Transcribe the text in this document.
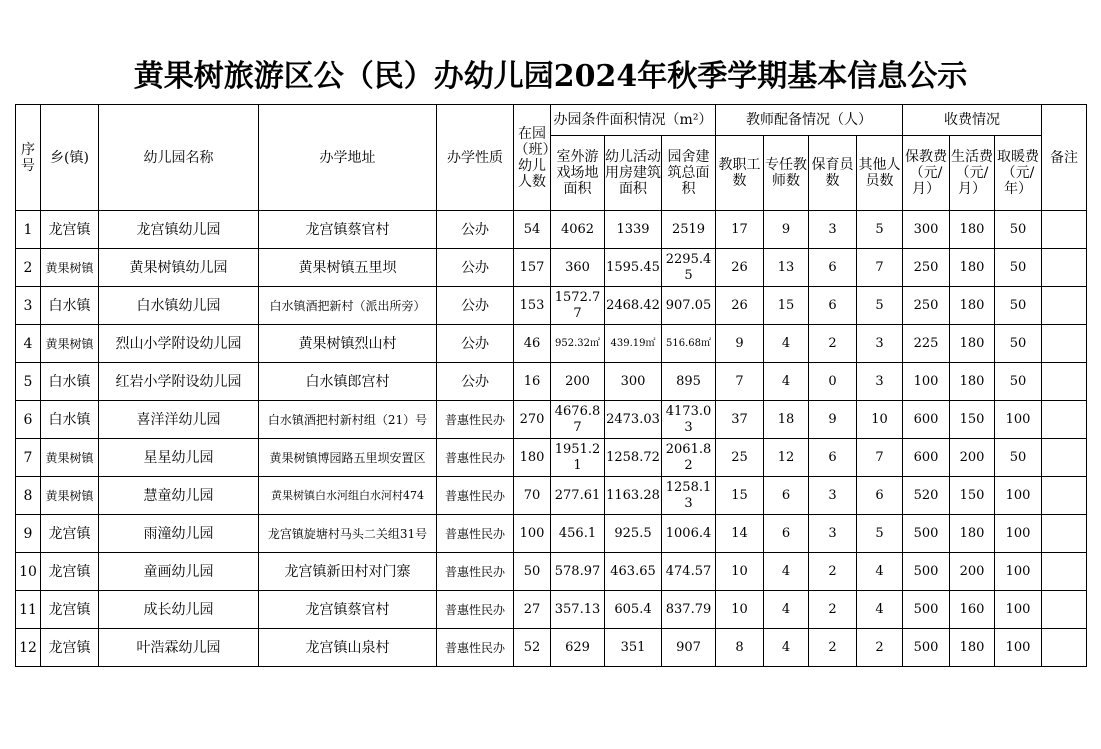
黄果树旅游区公（民）办幼儿园2024年秋季学期基本信息公示
序号	乡(镇)	幼儿园名称	办学地址	办学性质	在园（班）幼儿人数	办园条件面积情况（m²）			教师配备情况（人）				收费情况			备注
						室外游戏场地面积	幼儿活动用房建筑面积	园舍建筑总面积	教职工数	专任教师数	保育员数	其他人员数	保教费（元/月）	生活费（元/月）	取暖费（元/年）	
1	龙宫镇	龙宫镇幼儿园	龙宫镇蔡官村	公办	54	4062	1339	2519	17	9	3	5	300	180	50	
2	黄果树镇	黄果树镇幼儿园	黄果树镇五里坝	公办	157	360	1595.45	2295.45	26	13	6	7	250	180	50	
3	白水镇	白水镇幼儿园	白水镇酒把新村（派出所旁）	公办	153	1572.77	2468.42	907.05	26	15	6	5	250	180	50	
4	黄果树镇	烈山小学附设幼儿园	黄果树镇烈山村	公办	46	952.32㎡	439.19㎡	516.68㎡	9	4	2	3	225	180	50	
5	白水镇	红岩小学附设幼儿园	白水镇郎宫村	公办	16	200	300	895	7	4	0	3	100	180	50	
6	白水镇	喜洋洋幼儿园	白水镇酒把村新村组（21）号	普惠性民办	270	4676.87	2473.03	4173.03	37	18	9	10	600	150	100	
7	黄果树镇	星星幼儿园	黄果树镇博园路五里坝安置区	普惠性民办	180	1951.21	1258.72	2061.82	25	12	6	7	600	200	50	
8	黄果树镇	慧童幼儿园	黄果树镇白水河组白水河村474	普惠性民办	70	277.61	1163.28	1258.13	15	6	3	6	520	150	100	
9	龙宫镇	雨潼幼儿园	龙宫镇旋塘村马头二关组31号	普惠性民办	100	456.1	925.5	1006.4	14	6	3	5	500	180	100	
10	龙宫镇	童画幼儿园	龙宫镇新田村对门寨	普惠性民办	50	578.97	463.65	474.57	10	4	2	4	500	200	100	
11	龙宫镇	成长幼儿园	龙宫镇蔡官村	普惠性民办	27	357.13	605.4	837.79	10	4	2	4	500	160	100	
12	龙宫镇	叶浩霖幼儿园	龙宫镇山泉村	普惠性民办	52	629	351	907	8	4	2	2	500	180	100	
